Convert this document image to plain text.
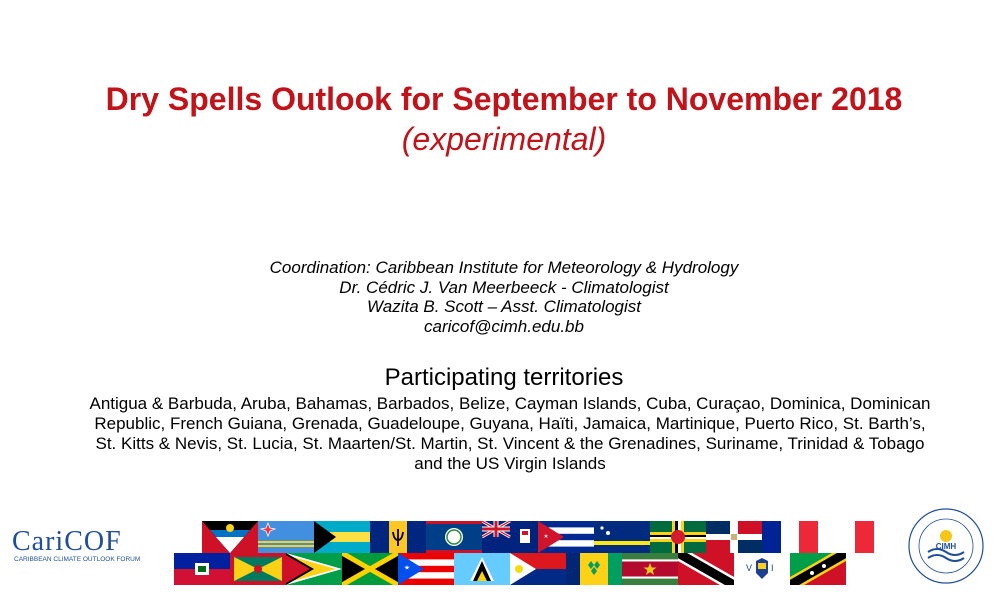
Dry Spells Outlook for September to November 2018
(experimental)
Coordination: Caribbean Institute for Meteorology & Hydrology
Dr. Cédric J. Van Meerbeeck - Climatologist
Wazita B. Scott – Asst. Climatologist
caricof@cimh.edu.bb
Participating territories
Antigua & Barbuda, Aruba, Bahamas, Barbados, Belize, Cayman Islands, Cuba, Curaçao, Dominica, Dominican Republic, French Guiana, Grenada, Guadeloupe, Guyana, Haïti, Jamaica, Martinique, Puerto Rico, St. Barth’s, St. Kitts & Nevis, St. Lucia, St. Maarten/St. Martin, St. Vincent & the Grenadines, Suriname, Trinidad & Tobago and the US Virgin Islands
CariCOF
CARIBBEAN CLIMATE OUTLOOK FORUM
V I
CIMH
